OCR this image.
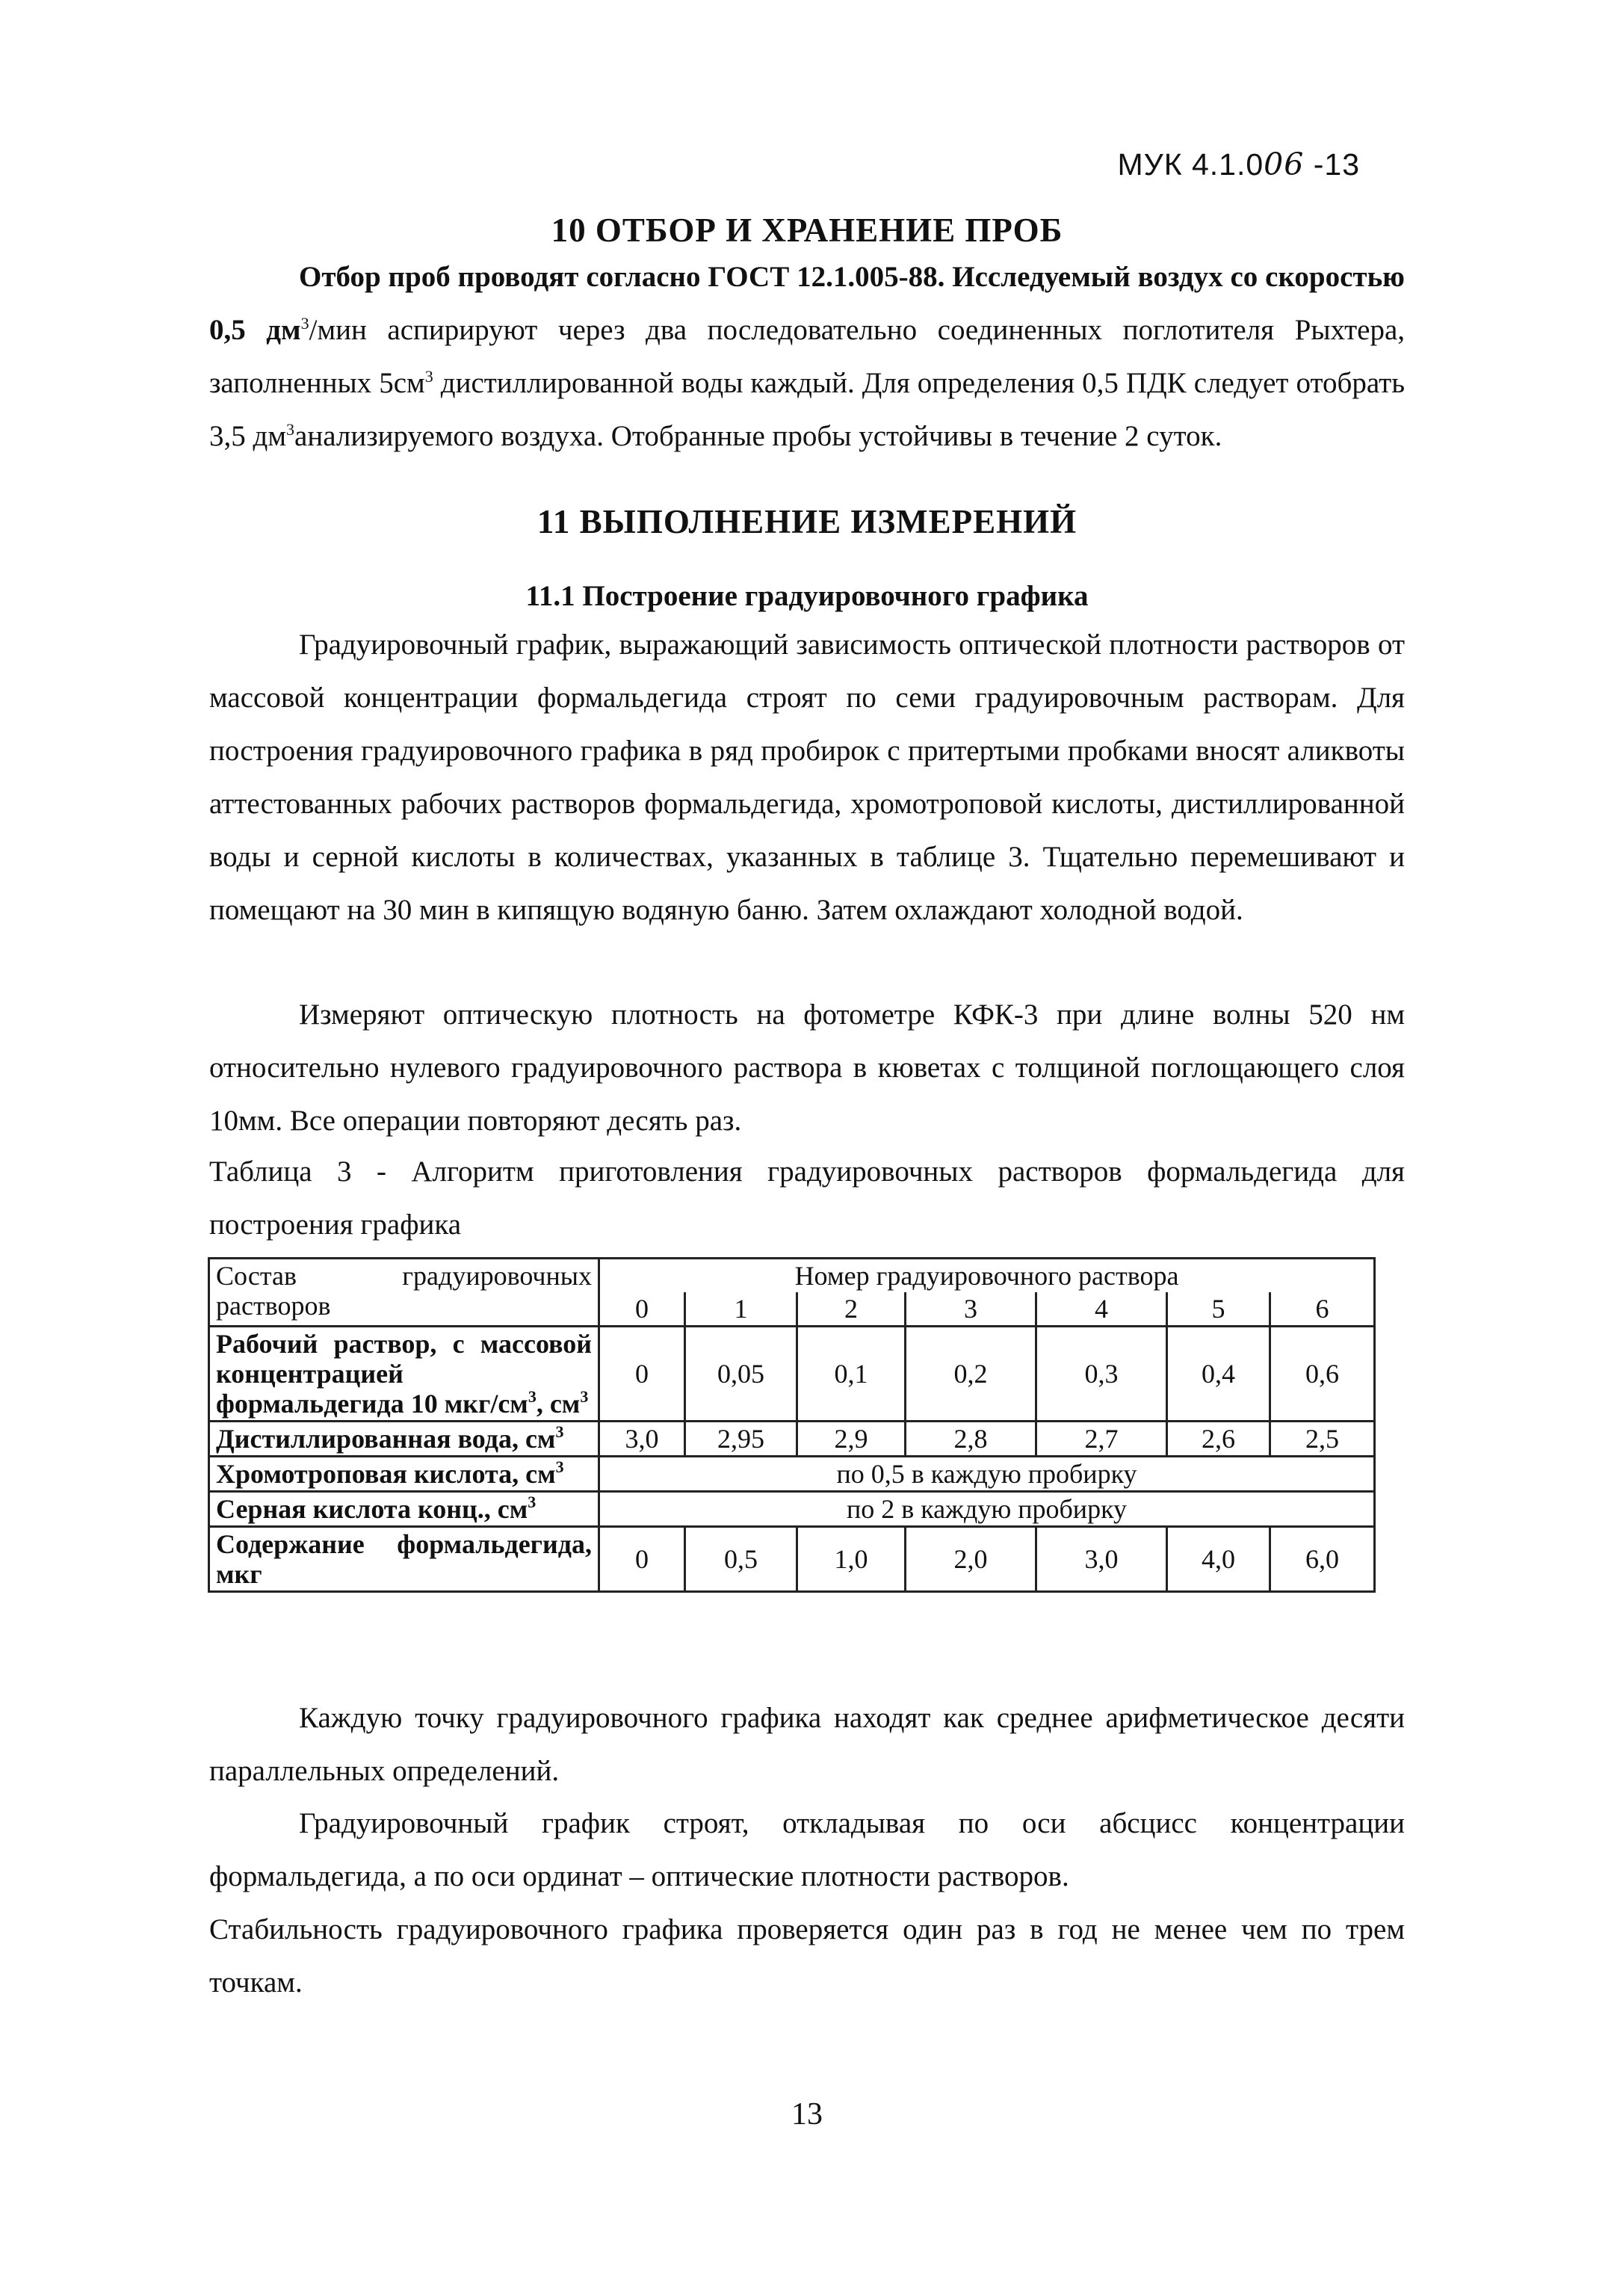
МУК 4.1.006 -13
10 ОТБОР И ХРАНЕНИЕ ПРОБ

Отбор проб проводят согласно ГОСТ 12.1.005-88. Исследуемый воздух со скоростью 0,5 $дм^3$/мин аспирируют через два последовательно соединенных поглотителя Рыхтера, заполненных $5см^3$ дистиллированной воды каждый. Для определения 0,5 ПДК следует отобрать 3,5 $дм^3анализируемого$ воздуха. Отобранные пробы устойчивы в течение 2 суток.

11 ВЫПОЛНЕНИЕ ИЗМЕРЕНИЙ
11.1 Построение градуировочного графика

Градуировочный график, выражающий зависимость оптической плотности растворов от массовой концентрации формальдегида строят по семи градуировочным растворам. Для построения градуировочного графика в ряд пробирок с притертыми пробками вносят аликвоты аттестованных рабочих растворов формальдегида, хромотроповой кислоты, дистиллированной воды и серной кислоты в количествах, указанных в таблице 3. Тщательно перемешивают и помещают на 30 мин в кипящую водяную баню. Затем охлаждают холодной водой.

Измеряют оптическую плотность на фотометре КФК-3 при длине волны 520 нм относительно нулевого градуировочного раствора в кюветах с толщиной поглощающего слоя 10мм. Все операции повторяют десять раз.

Таблица 3 - Алгоритм приготовления градуировочных растворов формальдегида для построения графика

Состав градуировочных растворов	Номер градуировочного раствора						
	0	1	2	3	4	5	6
Рабочий раствор, с массовой концентрацией формальдегида 10 мкг/$см^3$, $см^3$	0	0,05	0,1	0,2	0,3	0,4	0,6
Дистиллированная вода, $см^3$	3,0	2,95	2,9	2,8	2,7	2,6	2,5
Хромотроповая кислота, $см^3$	по 0,5 в каждую пробирку						
Серная кислота конц., $см^3$	по 2 в каждую пробирку						
Содержание формальдегида, мкг	0	0,5	1,0	2,0	3,0	4,0	6,0

Каждую точку градуировочного графика находят как среднее арифметическое десяти параллельных определений.

Градуировочный график строят, откладывая по оси абсцисс концентрации формальдегида, а по оси ординат – оптические плотности растворов.

Стабильность градуировочного графика проверяется один раз в год не менее чем по трем точкам.

13
